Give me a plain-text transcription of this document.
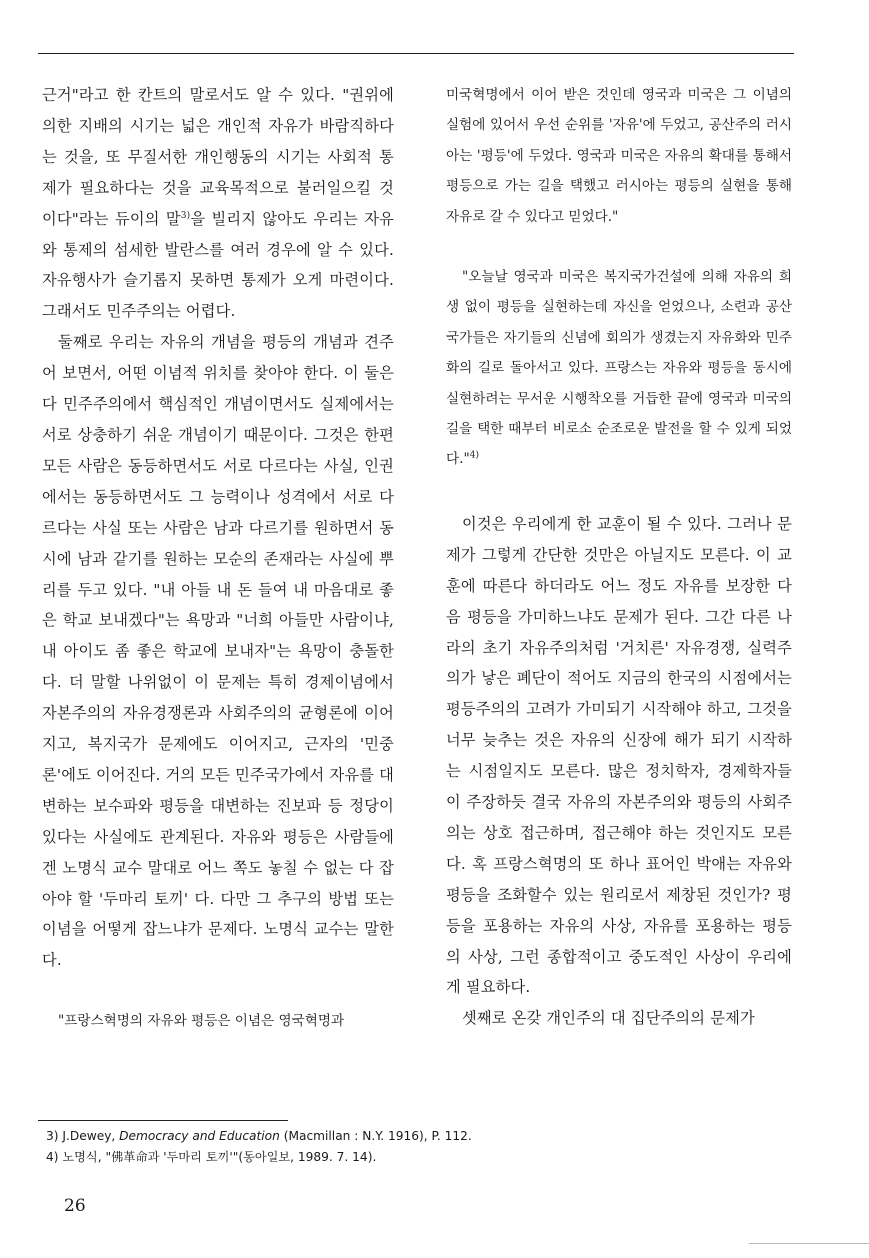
근거"라고 한 칸트의 말로서도 알 수 있다. "권위에 의한 지배의 시기는 넓은 개인적 자유가 바람직하다는 것을, 또 무질서한 개인행동의 시기는 사회적 통제가 필요하다는 것을 교육목적으로 불러일으킬 것이다"라는 듀이의 말$^{3)}$을 빌리지 않아도 우리는 자유와 통제의 섬세한 발란스를 여러 경우에 알 수 있다. 자유행사가 슬기롭지 못하면 통제가 오게 마련이다. 그래서도 민주주의는 어렵다.

둘째로 우리는 자유의 개념을 평등의 개념과 견주어 보면서, 어떤 이념적 위치를 찾아야 한다. 이 둘은 다 민주주의에서 핵심적인 개념이면서도 실제에서는 서로 상충하기 쉬운 개념이기 때문이다. 그것은 한편 모든 사람은 동등하면서도 서로 다르다는 사실, 인권에서는 동등하면서도 그 능력이나 성격에서 서로 다르다는 사실 또는 사람은 남과 다르기를 원하면서 동시에 남과 같기를 원하는 모순의 존재라는 사실에 뿌리를 두고 있다. "내 아들 내 돈 들여 내 마음대로 좋은 학교 보내겠다"는 욕망과 "너희 아들만 사람이냐, 내 아이도 좀 좋은 학교에 보내자"는 욕망이 충돌한다. 더 말할 나위없이 이 문제는 특히 경제이념에서 자본주의의 자유경쟁론과 사회주의의 균형론에 이어지고, 복지국가 문제에도 이어지고, 근자의 '민중론'에도 이어진다. 거의 모든 민주국가에서 자유를 대변하는 보수파와 평등을 대변하는 진보파 등 정당이 있다는 사실에도 관계된다. 자유와 평등은 사람들에겐 노명식 교수 말대로 어느 쪽도 놓칠 수 없는 다 잡아야 할 '두마리 토끼' 다. 다만 그 추구의 방법 또는 이념을 어떻게 잡느냐가 문제다. 노명식 교수는 말한다.

"프랑스혁명의 자유와 평등은 이념은 영국혁명과

미국혁명에서 이어 받은 것인데 영국과 미국은 그 이념의 실험에 있어서 우선 순위를 '자유'에 두었고, 공산주의 러시아는 '평등'에 두었다. 영국과 미국은 자유의 확대를 통해서 평등으로 가는 길을 택했고 러시아는 평등의 실현을 통해 자유로 갈 수 있다고 믿었다."

"오늘날 영국과 미국은 복지국가건설에 의해 자유의 희생 없이 평등을 실현하는데 자신을 얻었으나, 소련과 공산국가들은 자기들의 신념에 회의가 생겼는지 자유화와 민주화의 길로 돌아서고 있다. 프랑스는 자유와 평등을 동시에 실현하려는 무서운 시행착오를 거듭한 끝에 영국과 미국의 길을 택한 때부터 비로소 순조로운 발전을 할 수 있게 되었다."$^{4)}$

이것은 우리에게 한 교훈이 될 수 있다. 그러나 문제가 그렇게 간단한 것만은 아닐지도 모른다. 이 교훈에 따른다 하더라도 어느 정도 자유를 보장한 다음 평등을 가미하느냐도 문제가 된다. 그간 다른 나라의 초기 자유주의처럼 '거치른' 자유경쟁, 실력주의가 낳은 폐단이 적어도 지금의 한국의 시점에서는 평등주의의 고려가 가미되기 시작해야 하고, 그것을 너무 늦추는 것은 자유의 신장에 해가 되기 시작하는 시점일지도 모른다. 많은 정치학자, 경제학자들이 주장하듯 결국 자유의 자본주의와 평등의 사회주의는 상호 접근하며, 접근해야 하는 것인지도 모른다. 혹 프랑스혁명의 또 하나 표어인 박애는 자유와 평등을 조화할수 있는 원리로서 제창된 것인가? 평등을 포용하는 자유의 사상, 자유를 포용하는 평등의 사상, 그런 종합적이고 중도적인 사상이 우리에게 필요하다.

셋째로 온갖 개인주의 대 집단주의의 문제가

3) J.Dewey, Democracy and Education (Macmillan : N.Y. 1916), P. 112.

4) 노명식, "佛革命과 '두마리 토끼'"(동아일보, 1989. 7. 14).

26
